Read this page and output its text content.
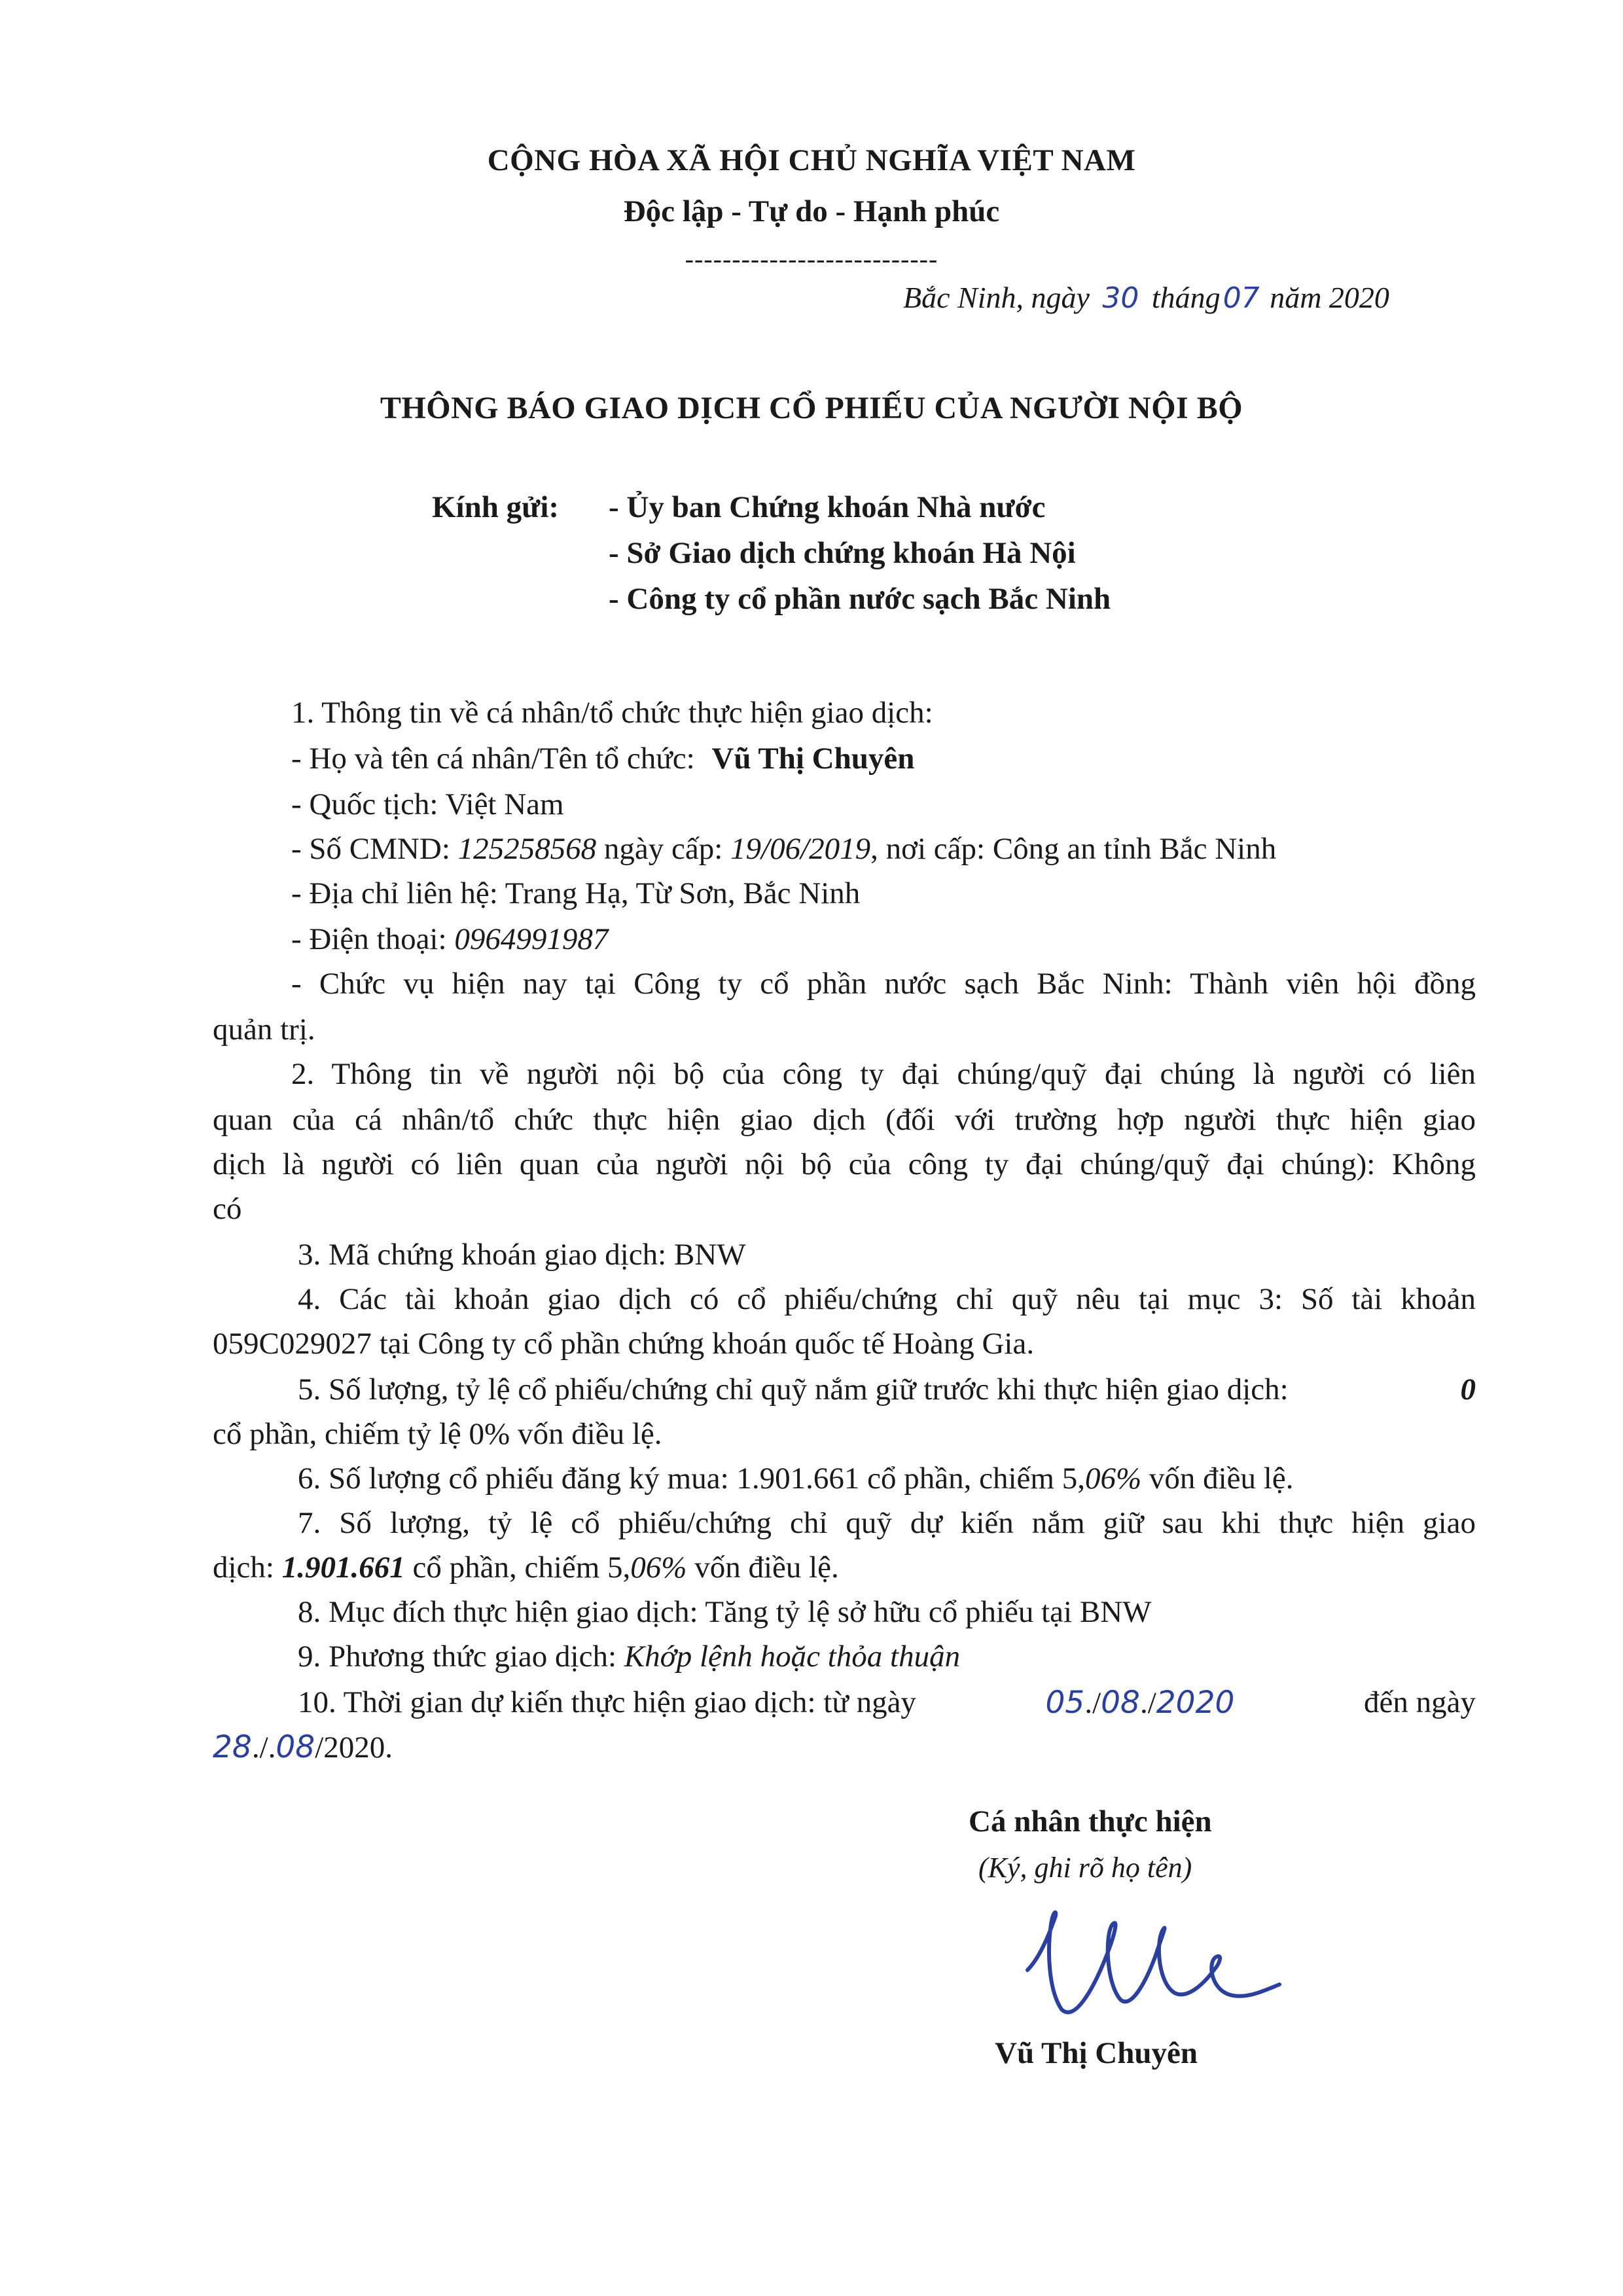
CỘNG HÒA XÃ HỘI CHỦ NGHĨA VIỆT NAM
Độc lập - Tự do - Hạnh phúc
---------------------------
Bắc Ninh, ngày 30 tháng07 năm 2020
THÔNG BÁO GIAO DỊCH CỔ PHIẾU CỦA NGƯỜI NỘI BỘ
Kính gửi: - Ủy ban Chứng khoán Nhà nước
- Sở Giao dịch chứng khoán Hà Nội
- Công ty cổ phần nước sạch Bắc Ninh
1. Thông tin về cá nhân/tổ chức thực hiện giao dịch:
- Họ và tên cá nhân/Tên tổ chức: Vũ Thị Chuyên
- Quốc tịch: Việt Nam
- Số CMND: 125258568 ngày cấp: 19/06/2019, nơi cấp: Công an tỉnh Bắc Ninh
- Địa chỉ liên hệ: Trang Hạ, Từ Sơn, Bắc Ninh
- Điện thoại: 0964991987
- Chức vụ hiện nay tại Công ty cổ phần nước sạch Bắc Ninh: Thành viên hội đồng
quản trị.
2. Thông tin về người nội bộ của công ty đại chúng/quỹ đại chúng là người có liên
quan của cá nhân/tổ chức thực hiện giao dịch (đối với trường hợp người thực hiện giao
dịch là người có liên quan của người nội bộ của công ty đại chúng/quỹ đại chúng): Không
có
3. Mã chứng khoán giao dịch: BNW
4. Các tài khoản giao dịch có cổ phiếu/chứng chỉ quỹ nêu tại mục 3: Số tài khoản
059C029027 tại Công ty cổ phần chứng khoán quốc tế Hoàng Gia.
5. Số lượng, tỷ lệ cổ phiếu/chứng chỉ quỹ nắm giữ trước khi thực hiện giao dịch:	0
cổ phần, chiếm tỷ lệ 0% vốn điều lệ.
6. Số lượng cổ phiếu đăng ký mua: 1.901.661 cổ phần, chiếm 5,06% vốn điều lệ.
7. Số lượng, tỷ lệ cổ phiếu/chứng chỉ quỹ dự kiến nắm giữ sau khi thực hiện giao
dịch: 1.901.661 cổ phần, chiếm 5,06% vốn điều lệ.
8. Mục đích thực hiện giao dịch: Tăng tỷ lệ sở hữu cổ phiếu tại BNW
9. Phương thức giao dịch: Khớp lệnh hoặc thỏa thuận
10. Thời gian dự kiến thực hiện giao dịch: từ ngày	05./08./2020	đến ngày
28./.08/2020.
Cá nhân thực hiện
(Ký, ghi rõ họ tên)
Vũ Thị Chuyên
